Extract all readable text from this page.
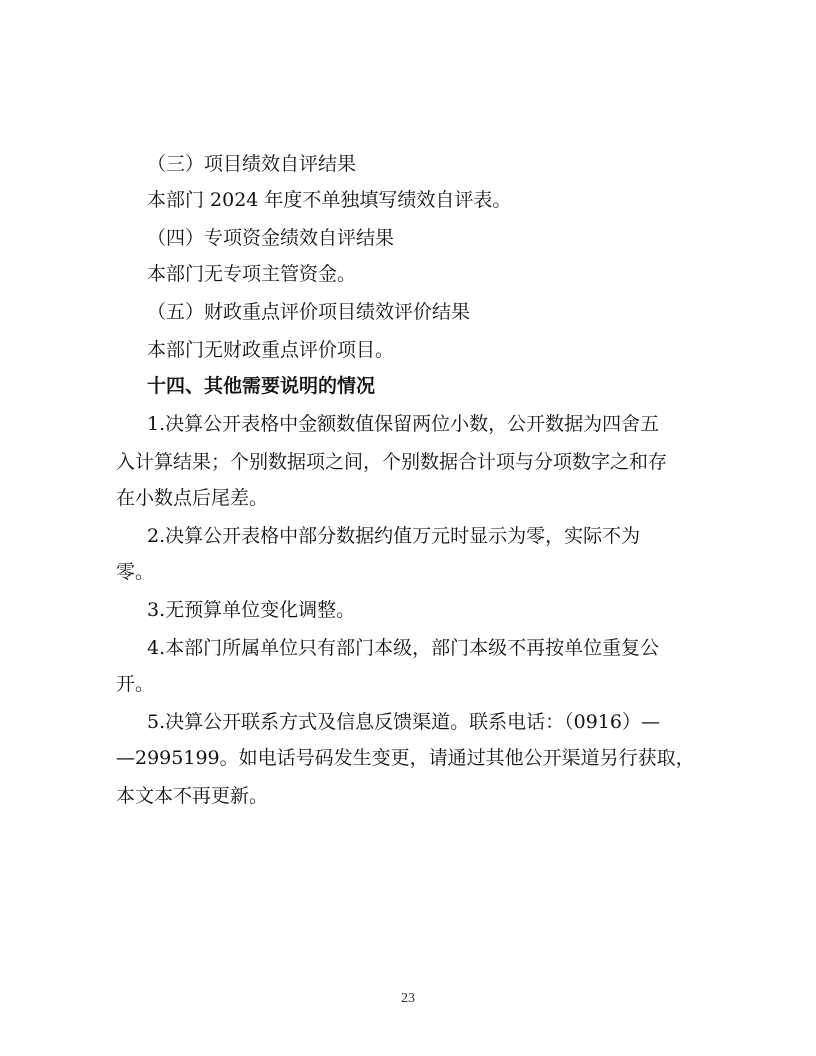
（三）项目绩效自评结果
本部门 2024 年度不单独填写绩效自评表。
（四）专项资金绩效自评结果
本部门无专项主管资金。
（五）财政重点评价项目绩效评价结果
本部门无财政重点评价项目。
十四、其他需要说明的情况
1.决算公开表格中金额数值保留两位小数，公开数据为四舍五
入计算结果；个别数据项之间，个别数据合计项与分项数字之和存
在小数点后尾差。
2.决算公开表格中部分数据约值万元时显示为零，实际不为
零。
3.无预算单位变化调整。
4.本部门所属单位只有部门本级，部门本级不再按单位重复公
开。
5.决算公开联系方式及信息反馈渠道。联系电话：（0916）—
—2995199。如电话号码发生变更，请通过其他公开渠道另行获取，
本文本不再更新。
23
